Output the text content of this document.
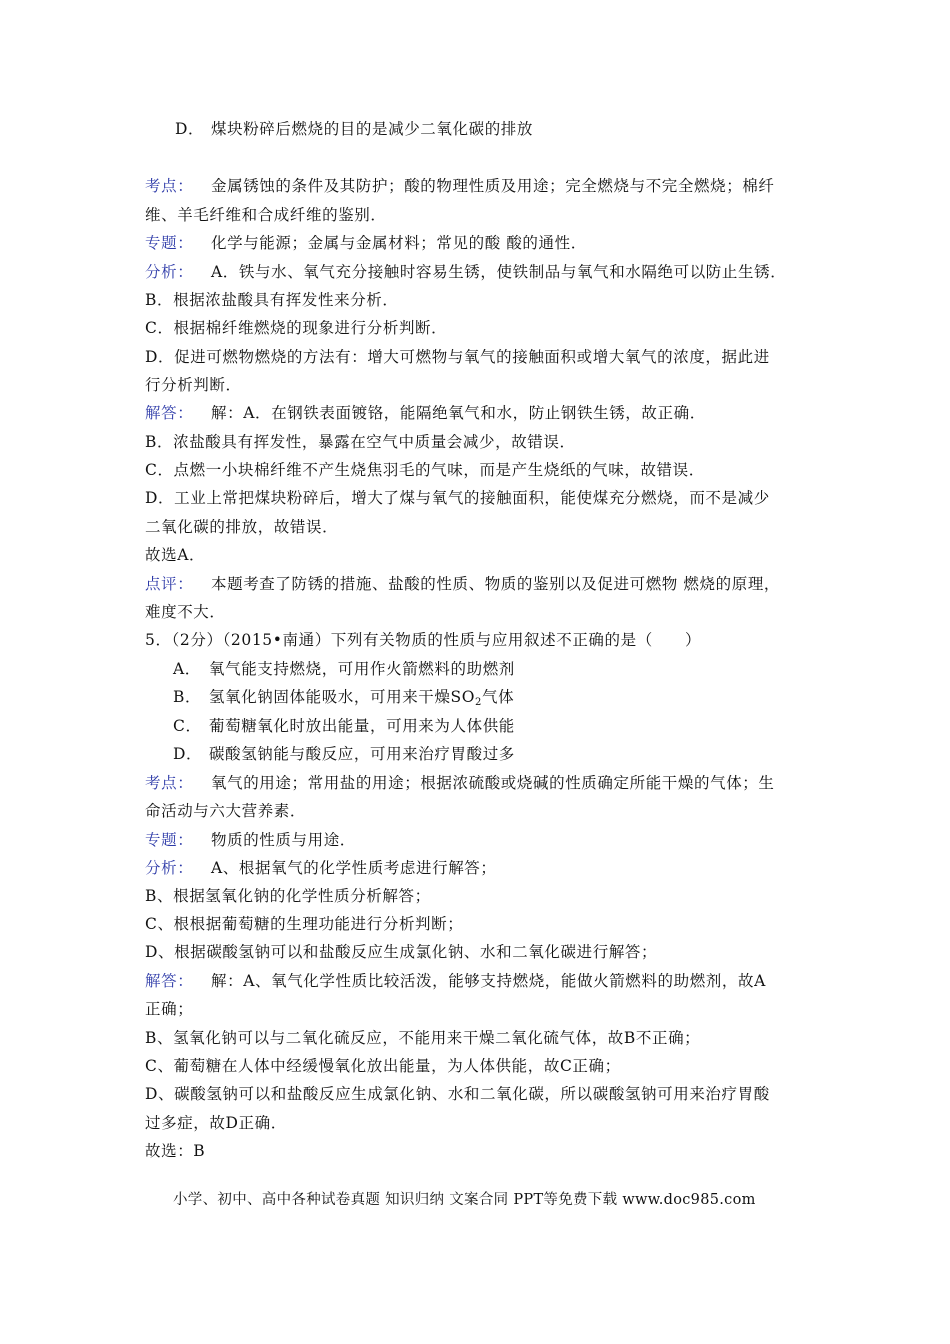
D． 煤块粉碎后燃烧的目的是减少二氧化碳的排放
考点： 金属锈蚀的条件及其防护；酸的物理性质及用途；完全燃烧与不完全燃烧；棉纤
维、羊毛纤维和合成纤维的鉴别．
专题： 化学与能源；金属与金属材料；常见的酸 酸的通性．
分析： A．铁与水、氧气充分接触时容易生锈，使铁制品与氧气和水隔绝可以防止生锈．
B．根据浓盐酸具有挥发性来分析．
C．根据棉纤维燃烧的现象进行分析判断．
D．促进可燃物燃烧的方法有：增大可燃物与氧气的接触面积或增大氧气的浓度，据此进
行分析判断．
解答： 解：A．在钢铁表面镀铬，能隔绝氧气和水，防止钢铁生锈，故正确．
B．浓盐酸具有挥发性，暴露在空气中质量会减少，故错误．
C．点燃一小块棉纤维不产生烧焦羽毛的气味，而是产生烧纸的气味，故错误．
D．工业上常把煤块粉碎后，增大了煤与氧气的接触面积，能使煤充分燃烧，而不是减少
二氧化碳的排放，故错误．
故选A．
点评： 本题考查了防锈的措施、盐酸的性质、物质的鉴别以及促进可燃物 燃烧的原理，
难度不大．
5．（2分）（2015•南通）下列有关物质的性质与应用叙述不正确的是（　　）
A． 氧气能支持燃烧，可用作火箭燃料的助燃剂
B． 氢氧化钠固体能吸水，可用来干燥$SO_2$气体
C． 葡萄糖氧化时放出能量，可用来为人体供能
D． 碳酸氢钠能与酸反应，可用来治疗胃酸过多
考点： 氧气的用途；常用盐的用途；根据浓硫酸或烧碱的性质确定所能干燥的气体；生
命活动与六大营养素．
专题： 物质的性质与用途．
分析： A、根据氧气的化学性质考虑进行解答；
B、根据氢氧化钠的化学性质分析解答；
C、根根据葡萄糖的生理功能进行分析判断；
D、根据碳酸氢钠可以和盐酸反应生成氯化钠、水和二氧化碳进行解答；
解答： 解：A、氧气化学性质比较活泼，能够支持燃烧，能做火箭燃料的助燃剂，故A
正确；
B、氢氧化钠可以与二氧化硫反应，不能用来干燥二氧化硫气体，故B不正确；
C、葡萄糖在人体中经缓慢氧化放出能量，为人体供能，故C正确；
D、碳酸氢钠可以和盐酸反应生成氯化钠、水和二氧化碳，所以碳酸氢钠可用来治疗胃酸
过多症，故D正确．
故选：B
小学、初中、高中各种试卷真题 知识归纳 文案合同 PPT等免费下载 www.doc985.com
